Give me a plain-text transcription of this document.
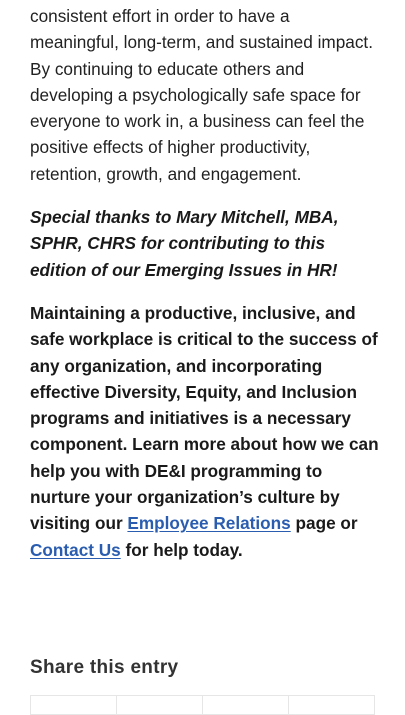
consistent effort in order to have a meaningful, long-term, and sustained impact. By continuing to educate others and developing a psychologically safe space for everyone to work in, a business can feel the positive effects of higher productivity, retention, growth, and engagement.

Special thanks to Mary Mitchell, MBA, SPHR, CHRS for contributing to this edition of our Emerging Issues in HR!

Maintaining a productive, inclusive, and safe workplace is critical to the success of any organization, and incorporating effective Diversity, Equity, and Inclusion programs and initiatives is a necessary component. Learn more about how we can help you with DE&I programming to nurture your organization’s culture by visiting our Employee Relations page or Contact Us for help today.

Share this entry
